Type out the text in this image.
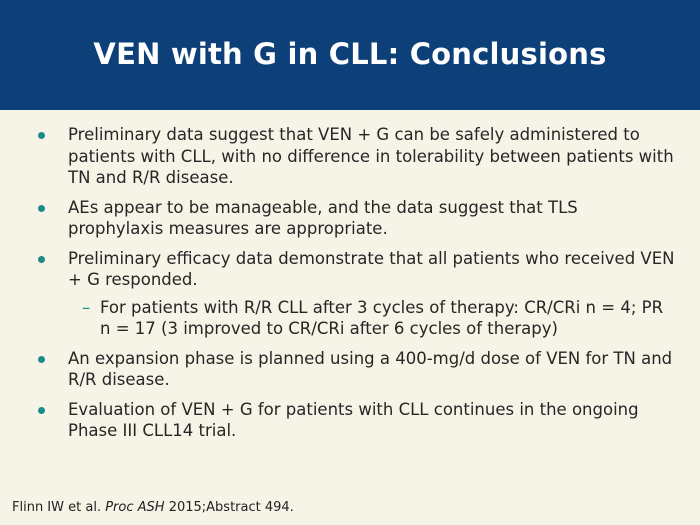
VEN with G in CLL: Conclusions
Preliminary data suggest that VEN + G can be safely administered to patients with CLL, with no difference in tolerability between patients with TN and R/R disease.
AEs appear to be manageable, and the data suggest that TLS prophylaxis measures are appropriate.
Preliminary efficacy data demonstrate that all patients who received VEN + G responded.
– For patients with R/R CLL after 3 cycles of therapy: CR/CRi n = 4; PR n = 17 (3 improved to CR/CRi after 6 cycles of therapy)
An expansion phase is planned using a 400-mg/d dose of VEN for TN and R/R disease.
Evaluation of VEN + G for patients with CLL continues in the ongoing Phase III CLL14 trial.
Flinn IW et al. Proc ASH 2015;Abstract 494.
